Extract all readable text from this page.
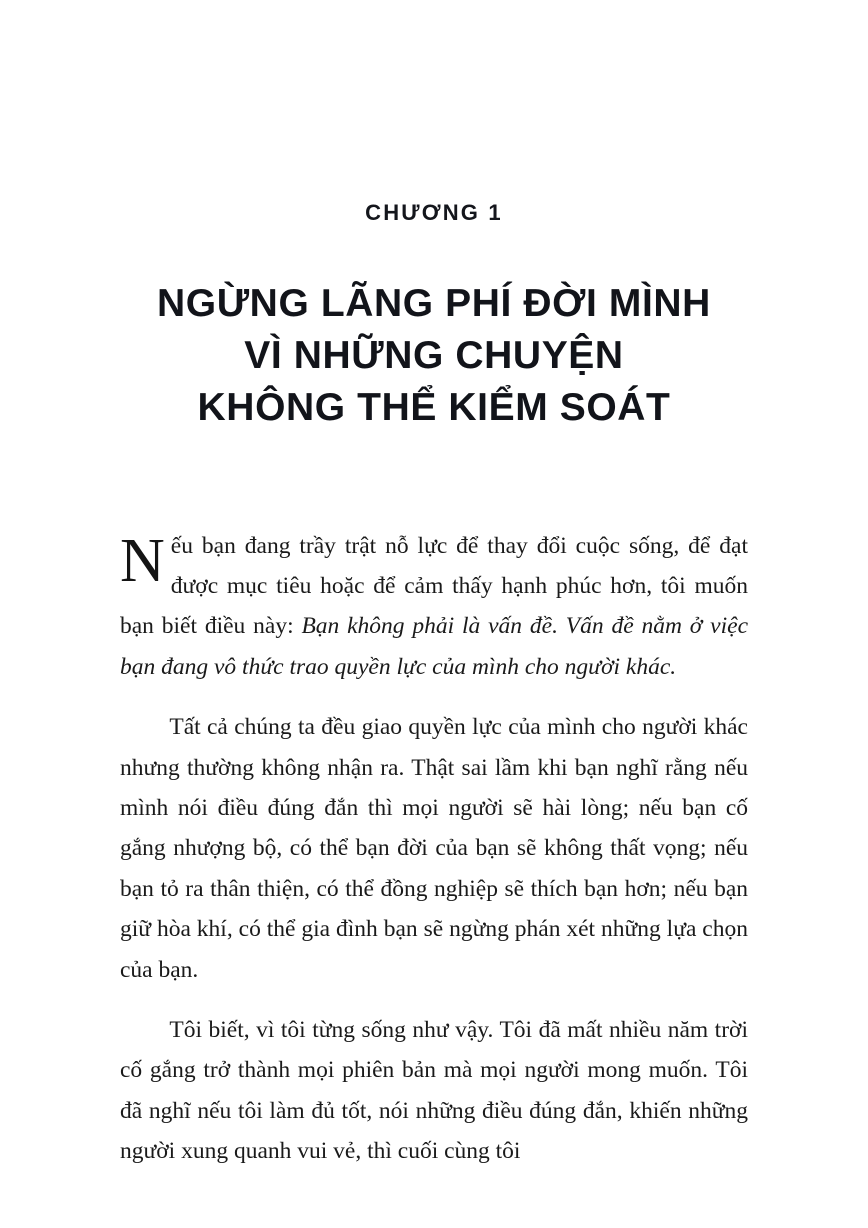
CHƯƠNG 1
NGỪNG LÃNG PHÍ ĐỜI MÌNH
VÌ NHỮNG CHUYỆN
KHÔNG THỂ KIỂM SOÁT

Nếu bạn đang trầy trật nỗ lực để thay đổi cuộc sống, để đạt được mục tiêu hoặc để cảm thấy hạnh phúc hơn, tôi muốn bạn biết điều này: Bạn không phải là vấn đề. Vấn đề nằm ở việc bạn đang vô thức trao quyền lực của mình cho người khác.

Tất cả chúng ta đều giao quyền lực của mình cho người khác nhưng thường không nhận ra. Thật sai lầm khi bạn nghĩ rằng nếu mình nói điều đúng đắn thì mọi người sẽ hài lòng; nếu bạn cố gắng nhượng bộ, có thể bạn đời của bạn sẽ không thất vọng; nếu bạn tỏ ra thân thiện, có thể đồng nghiệp sẽ thích bạn hơn; nếu bạn giữ hòa khí, có thể gia đình bạn sẽ ngừng phán xét những lựa chọn của bạn.

Tôi biết, vì tôi từng sống như vậy. Tôi đã mất nhiều năm trời cố gắng trở thành mọi phiên bản mà mọi người mong muốn. Tôi đã nghĩ nếu tôi làm đủ tốt, nói những điều đúng đắn, khiến những người xung quanh vui vẻ, thì cuối cùng tôi
